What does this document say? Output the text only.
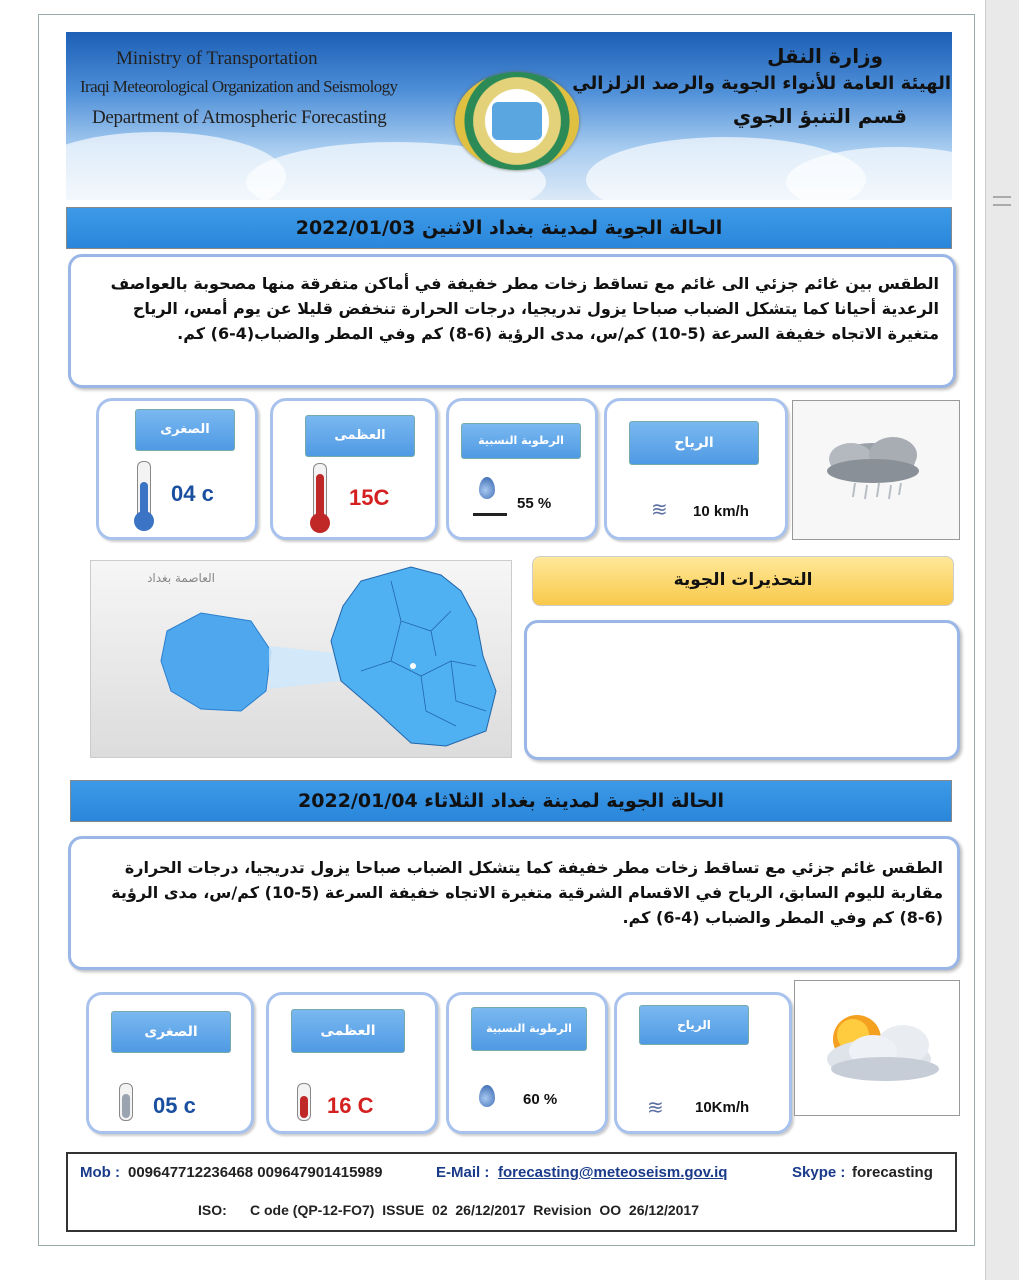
Ministry of Transportation
Iraqi Meteorological Organization and Seismology
Department of Atmospheric Forecasting
وزارة النقل
الهيئة العامة للأنواء الجوية والرصد الزلزالي
قسم التنبؤ الجوي
الحالة الجوية لمدينة بغداد الاثنين 2022/01/03
الطقس بين غائم جزئي الى غائم مع تساقط زخات مطر خفيفة في أماكن متفرقة منها مصحوبة بالعواصف الرعدية أحيانا كما يتشكل الضباب صباحا يزول تدريجيا، درجات الحرارة تنخفض قليلا عن يوم أمس، الرياح متغيرة الاتجاه خفيفة السرعة (5-10) كم/س، مدى الرؤية (6-8) كم وفي المطر والضباب(4-6) كم.
الصغرى
04 c
العظمى
15C
الرطوبة النسبية
55 %
الرياح
≋ 10 km/h
العاصمة بغداد	التحذيرات الجوية
الحالة الجوية لمدينة بغداد الثلاثاء 2022/01/04
الطقس غائم جزئي مع تساقط زخات مطر خفيفة كما يتشكل الضباب صباحا يزول تدريجيا، درجات الحرارة مقاربة لليوم السابق، الرياح في الاقسام الشرقية متغيرة الاتجاه خفيفة السرعة (5-10) كم/س، مدى الرؤية (6-8) كم وفي المطر والضباب (4-6) كم.
الصغرى
05 c
العظمى
16 C
الرطوبة النسبية
60 %
الرياح
≋ 10Km/h
Mob : 009647712236468 009647901415989	E-Mail : forecasting@meteoseism.gov.iq	Skype : forecasting
ISO: C ode (QP-12-FO7)  ISSUE  02  26/12/2017  Revision  OO  26/12/2017
